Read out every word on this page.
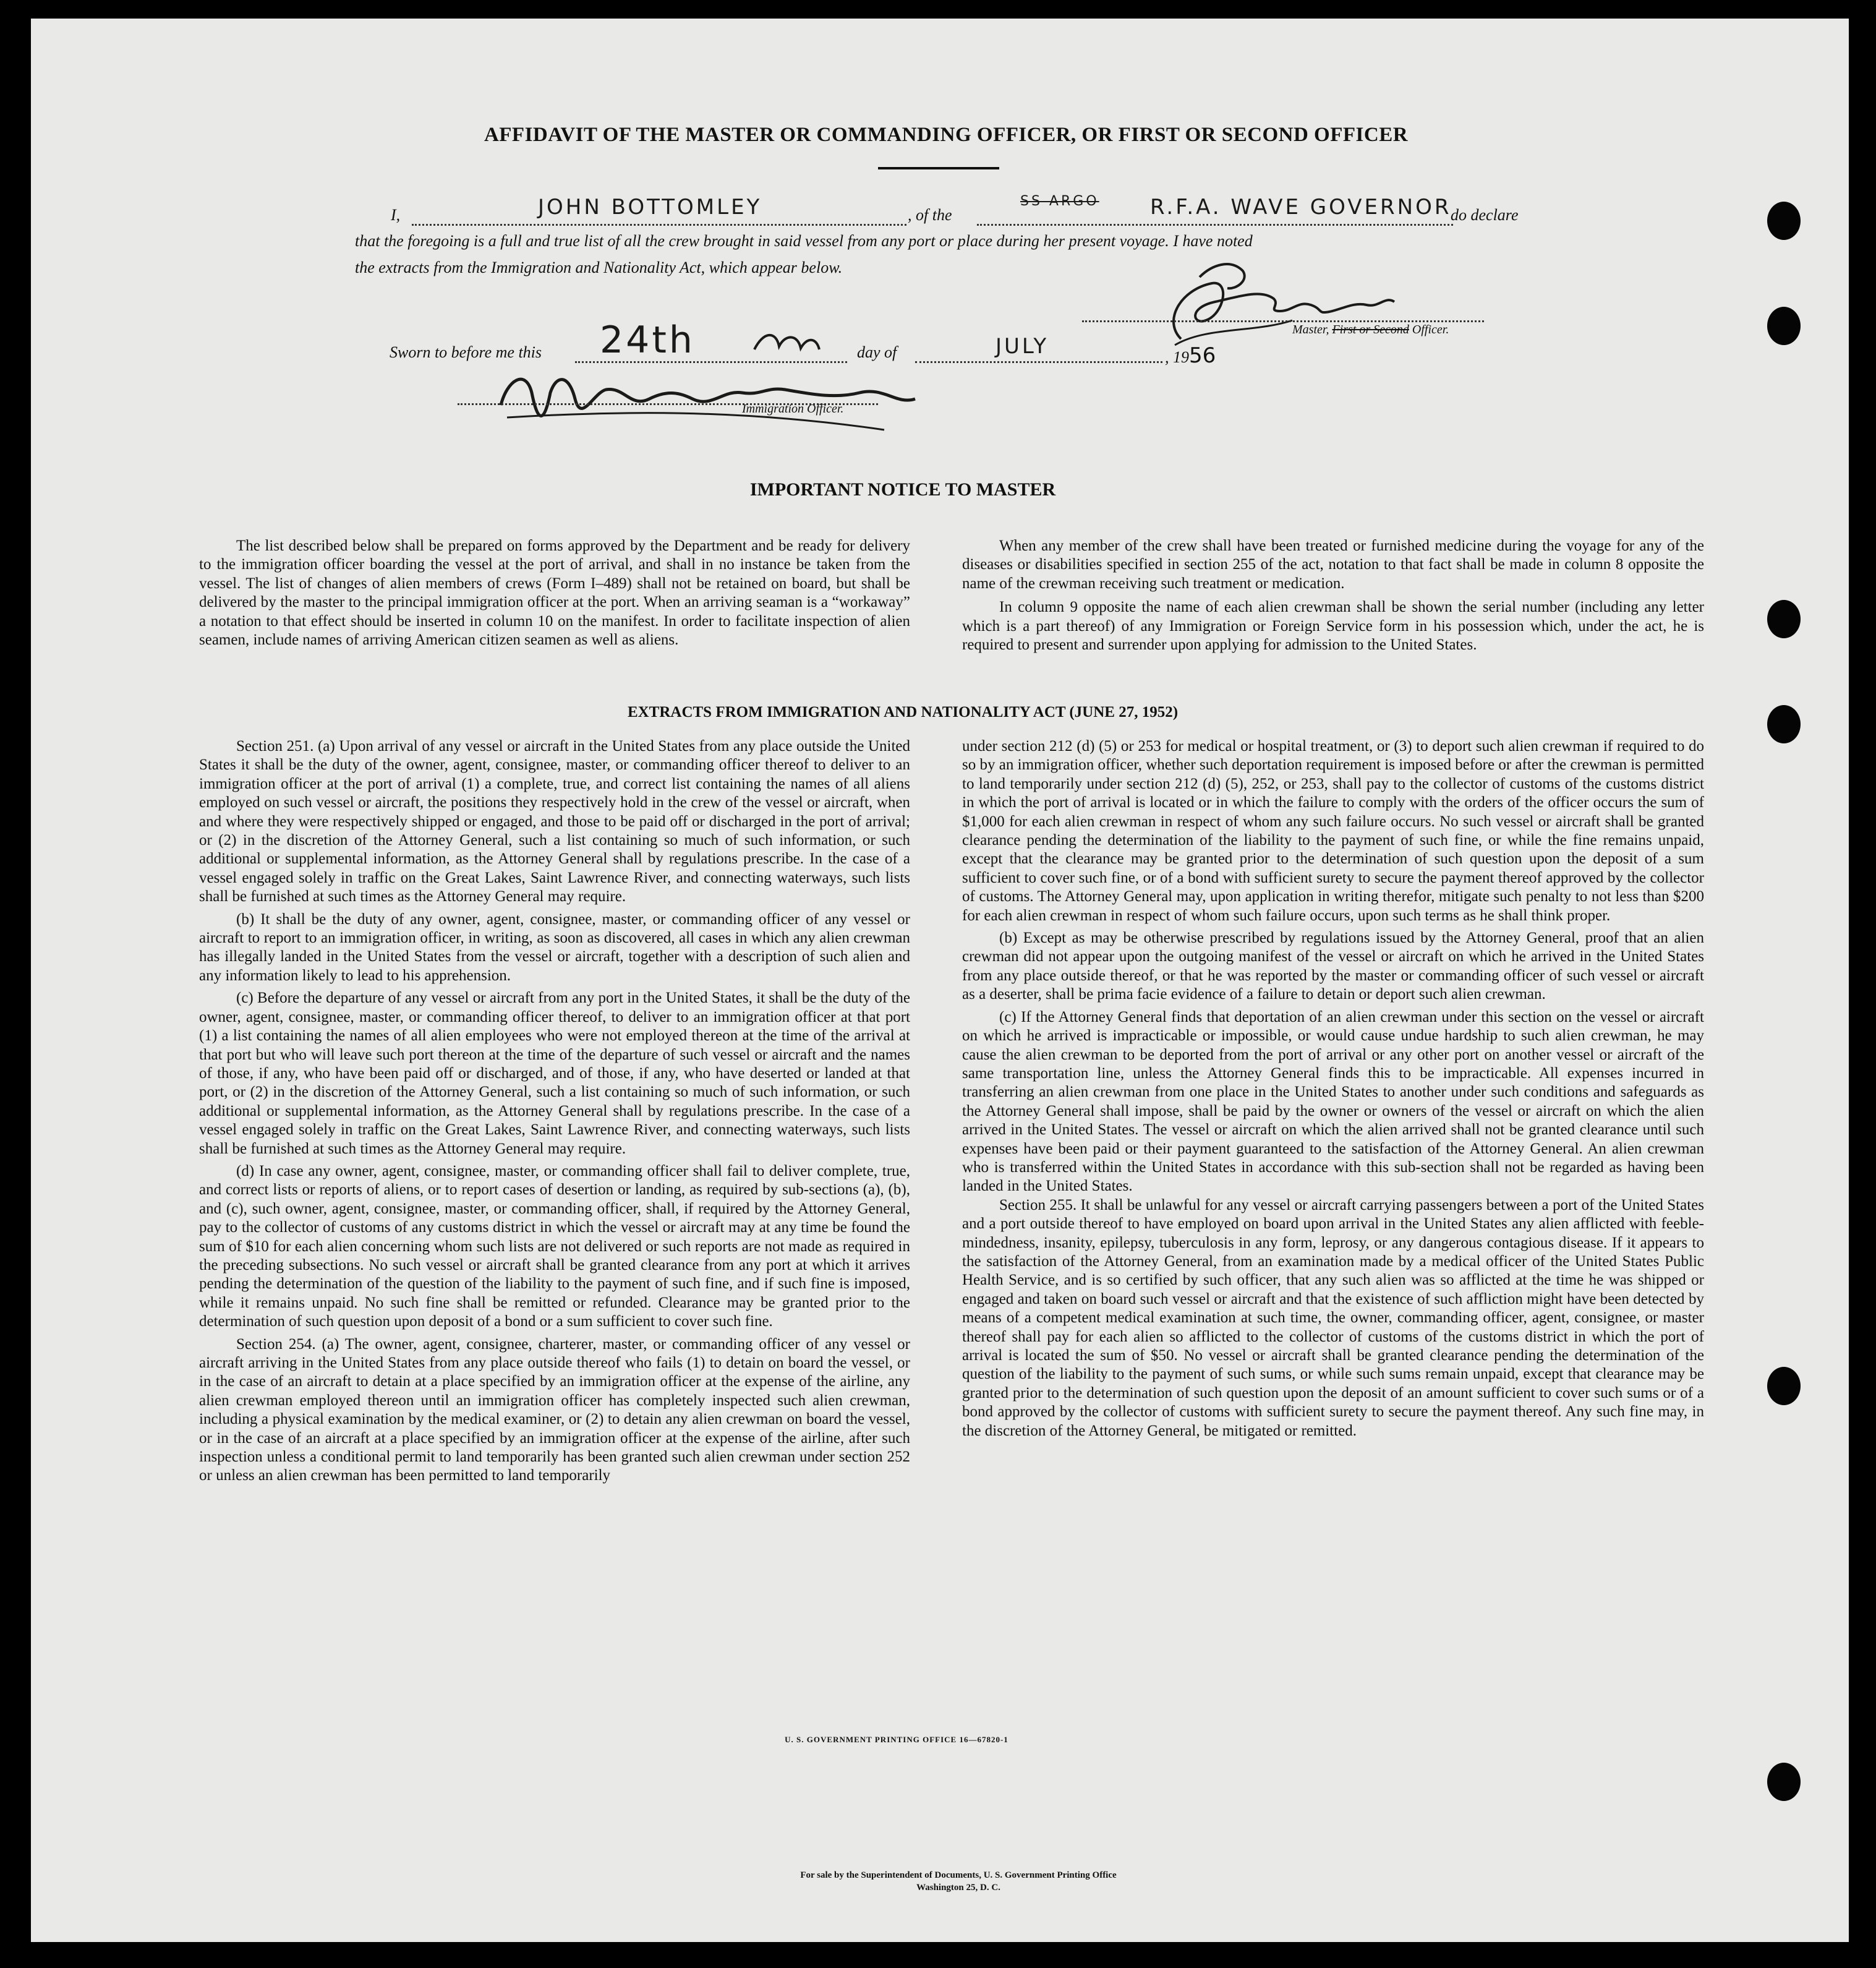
AFFIDAVIT OF THE MASTER OR COMMANDING OFFICER, OR FIRST OR SECOND OFFICER
I,	JOHN BOTTOMLEY	, of the
SS ARGO R.F.A. WAVE GOVERNOR
do declare
that the foregoing is a full and true list of all the crew brought in said vessel from any port or place during her present voyage. I have noted
the extracts from the Immigration and Nationality Act, which appear below.
Master, First or Second Officer.
Sworn to before me this 24th	day of	JULY	, 1956
Immigration Officer.
IMPORTANT NOTICE TO MASTER

The list described below shall be prepared on forms approved by the Department and be ready for delivery to the immigration officer boarding the vessel at the port of arrival, and shall in no instance be taken from the vessel. The list of changes of alien members of crews (Form I–489) shall not be retained on board, but shall be delivered by the master to the principal immigration officer at the port. When an arriving seaman is a “workaway” a notation to that effect should be inserted in column 10 on the manifest. In order to facilitate inspection of alien seamen, include names of arriving American citizen seamen as well as aliens.

When any member of the crew shall have been treated or furnished medicine during the voyage for any of the diseases or disabilities specified in section 255 of the act, notation to that fact shall be made in column 8 opposite the name of the crewman receiving such treatment or medication.

In column 9 opposite the name of each alien crewman shall be shown the serial number (including any letter which is a part thereof) of any Immigration or Foreign Service form in his possession which, under the act, he is required to present and surrender upon applying for admission to the United States.

EXTRACTS FROM IMMIGRATION AND NATIONALITY ACT (JUNE 27, 1952)

Section 251. (a) Upon arrival of any vessel or aircraft in the United States from any place outside the United States it shall be the duty of the owner, agent, consignee, master, or commanding officer thereof to deliver to an immigration officer at the port of arrival (1) a complete, true, and correct list containing the names of all aliens employed on such vessel or aircraft, the positions they respectively hold in the crew of the vessel or aircraft, when and where they were respectively shipped or engaged, and those to be paid off or discharged in the port of arrival; or (2) in the discretion of the Attorney General, such a list containing so much of such information, or such additional or supplemental information, as the Attorney General shall by regulations prescribe. In the case of a vessel engaged solely in traffic on the Great Lakes, Saint Lawrence River, and connecting waterways, such lists shall be furnished at such times as the Attorney General may require.

(b) It shall be the duty of any owner, agent, consignee, master, or commanding officer of any vessel or aircraft to report to an immigration officer, in writing, as soon as discovered, all cases in which any alien crewman has illegally landed in the United States from the vessel or aircraft, together with a description of such alien and any information likely to lead to his apprehension.

(c) Before the departure of any vessel or aircraft from any port in the United States, it shall be the duty of the owner, agent, consignee, master, or commanding officer thereof, to deliver to an immigration officer at that port (1) a list containing the names of all alien employees who were not employed thereon at the time of the arrival at that port but who will leave such port thereon at the time of the departure of such vessel or aircraft and the names of those, if any, who have been paid off or discharged, and of those, if any, who have deserted or landed at that port, or (2) in the discretion of the Attorney General, such a list containing so much of such information, or such additional or supplemental information, as the Attorney General shall by regulations prescribe. In the case of a vessel engaged solely in traffic on the Great Lakes, Saint Lawrence River, and connecting waterways, such lists shall be furnished at such times as the Attorney General may require.

(d) In case any owner, agent, consignee, master, or commanding officer shall fail to deliver complete, true, and correct lists or reports of aliens, or to report cases of desertion or landing, as required by sub-sections (a), (b), and (c), such owner, agent, consignee, master, or commanding officer, shall, if required by the Attorney General, pay to the collector of customs of any customs district in which the vessel or aircraft may at any time be found the sum of $10 for each alien concerning whom such lists are not delivered or such reports are not made as required in the preceding subsections. No such vessel or aircraft shall be granted clearance from any port at which it arrives pending the determination of the question of the liability to the payment of such fine, and if such fine is imposed, while it remains unpaid. No such fine shall be remitted or refunded. Clearance may be granted prior to the determination of such question upon deposit of a bond or a sum sufficient to cover such fine.

Section 254. (a) The owner, agent, consignee, charterer, master, or commanding officer of any vessel or aircraft arriving in the United States from any place outside thereof who fails (1) to detain on board the vessel, or in the case of an aircraft to detain at a place specified by an immigration officer at the expense of the airline, any alien crewman employed thereon until an immigration officer has completely inspected such alien crewman, including a physical examination by the medical examiner, or (2) to detain any alien crewman on board the vessel, or in the case of an aircraft at a place specified by an immigration officer at the expense of the airline, after such inspection unless a conditional permit to land temporarily has been granted such alien crewman under section 252 or unless an alien crewman has been permitted to land temporarily

under section 212 (d) (5) or 253 for medical or hospital treatment, or (3) to deport such alien crewman if required to do so by an immigration officer, whether such deportation requirement is imposed before or after the crewman is permitted to land temporarily under section 212 (d) (5), 252, or 253, shall pay to the collector of customs of the customs district in which the port of arrival is located or in which the failure to comply with the orders of the officer occurs the sum of $1,000 for each alien crewman in respect of whom any such failure occurs. No such vessel or aircraft shall be granted clearance pending the determination of the liability to the payment of such fine, or while the fine remains unpaid, except that the clearance may be granted prior to the determination of such question upon the deposit of a sum sufficient to cover such fine, or of a bond with sufficient surety to secure the payment thereof approved by the collector of customs. The Attorney General may, upon application in writing therefor, mitigate such penalty to not less than $200 for each alien crewman in respect of whom such failure occurs, upon such terms as he shall think proper.

(b) Except as may be otherwise prescribed by regulations issued by the Attorney General, proof that an alien crewman did not appear upon the outgoing manifest of the vessel or aircraft on which he arrived in the United States from any place outside thereof, or that he was reported by the master or commanding officer of such vessel or aircraft as a deserter, shall be prima facie evidence of a failure to detain or deport such alien crewman.

(c) If the Attorney General finds that deportation of an alien crewman under this section on the vessel or aircraft on which he arrived is impracticable or impossible, or would cause undue hardship to such alien crewman, he may cause the alien crewman to be deported from the port of arrival or any other port on another vessel or aircraft of the same transportation line, unless the Attorney General finds this to be impracticable. All expenses incurred in transferring an alien crewman from one place in the United States to another under such conditions and safeguards as the Attorney General shall impose, shall be paid by the owner or owners of the vessel or aircraft on which the alien arrived in the United States. The vessel or aircraft on which the alien arrived shall not be granted clearance until such expenses have been paid or their payment guaranteed to the satisfaction of the Attorney General. An alien crewman who is transferred within the United States in accordance with this sub-section shall not be regarded as having been landed in the United States.

Section 255. It shall be unlawful for any vessel or aircraft carrying passengers between a port of the United States and a port outside thereof to have employed on board upon arrival in the United States any alien afflicted with feeble-mindedness, insanity, epilepsy, tuberculosis in any form, leprosy, or any dangerous contagious disease. If it appears to the satisfaction of the Attorney General, from an examination made by a medical officer of the United States Public Health Service, and is so certified by such officer, that any such alien was so afflicted at the time he was shipped or engaged and taken on board such vessel or aircraft and that the existence of such affliction might have been detected by means of a competent medical examination at such time, the owner, commanding officer, agent, consignee, or master thereof shall pay for each alien so afflicted to the collector of customs of the customs district in which the port of arrival is located the sum of $50. No vessel or aircraft shall be granted clearance pending the determination of the question of the liability to the payment of such sums, or while such sums remain unpaid, except that clearance may be granted prior to the determination of such question upon the deposit of an amount sufficient to cover such sums or of a bond approved by the collector of customs with sufficient surety to secure the payment thereof. Any such fine may, in the discretion of the Attorney General, be mitigated or remitted.

U. S. GOVERNMENT PRINTING OFFICE 16—67820-1
For sale by the Superintendent of Documents, U. S. Government Printing Office
Washington 25, D. C.
